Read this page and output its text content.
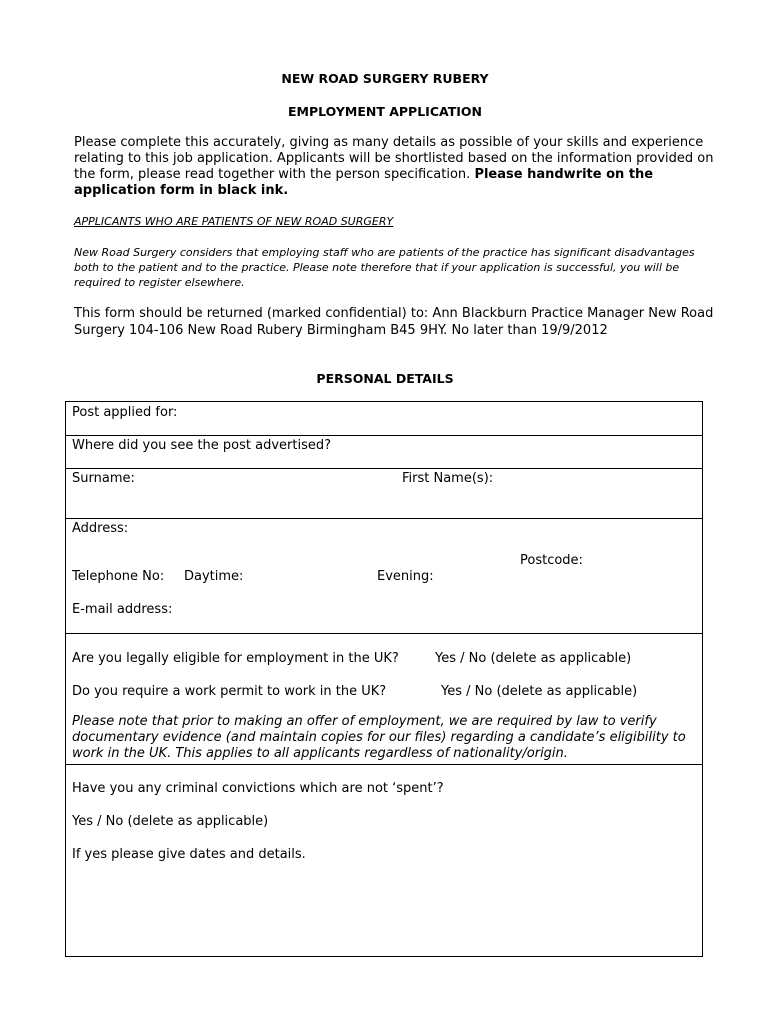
NEW ROAD SURGERY RUBERY
EMPLOYMENT APPLICATION
Please complete this accurately, giving as many details as possible of your skills and experience relating to this job application. Applicants will be shortlisted based on the information provided on the form, please read together with the person specification. Please handwrite on the application form in black ink.
APPLICANTS WHO ARE PATIENTS OF NEW ROAD SURGERY
New Road Surgery considers that employing staff who are patients of the practice has significant disadvantages both to the patient and to the practice. Please note therefore that if your application is successful, you will be required to register elsewhere.
This form should be returned (marked confidential) to: Ann Blackburn Practice Manager New Road Surgery 104-106 New Road Rubery Birmingham B45 9HY. No later than 19/9/2012
PERSONAL DETAILS
Post applied for:
Where did you see the post advertised?
Surname:	First Name(s):
Address:
Postcode:
Telephone No: Daytime:	Evening:
E-mail address:
Are you legally eligible for employment in the UK?	Yes / No (delete as applicable)
Do you require a work permit to work in the UK?	Yes / No (delete as applicable)
Please note that prior to making an offer of employment, we are required by law to verify documentary evidence (and maintain copies for our files) regarding a candidate’s eligibility to work in the UK. This applies to all applicants regardless of nationality/origin.
Have you any criminal convictions which are not ‘spent’?
Yes / No (delete as applicable)
If yes please give dates and details.
